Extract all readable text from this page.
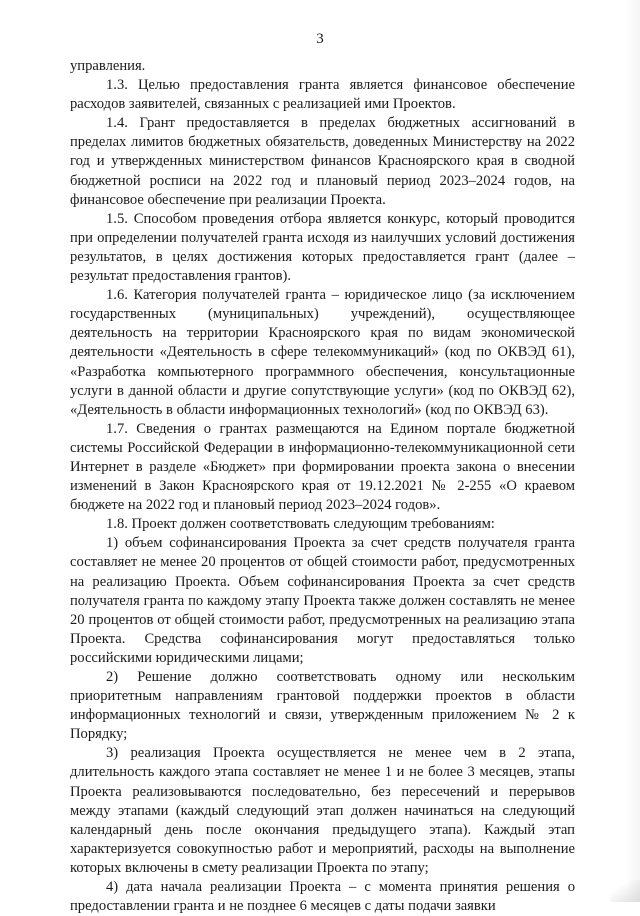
3

управления.

1.3. Целью предоставления гранта является финансовое обеспечение расходов заявителей, связанных с реализацией ими Проектов.

1.4. Грант предоставляется в пределах бюджетных ассигнований в пределах лимитов бюджетных обязательств, доведенных Министерству на 2022 год и утвержденных министерством финансов Красноярского края в сводной бюджетной росписи на 2022 год и плановый период 2023–2024 годов, на финансовое обеспечение при реализации Проекта.

1.5. Способом проведения отбора является конкурс, который проводится при определении получателей гранта исходя из наилучших условий достижения результатов, в целях достижения которых предоставляется грант (далее – результат предоставления грантов).

1.6. Категория получателей гранта – юридическое лицо (за исключением государственных (муниципальных) учреждений), осуществляющее деятельность на территории Красноярского края по видам экономической деятельности «Деятельность в сфере телекоммуникаций» (код по ОКВЭД 61), «Разработка компьютерного программного обеспечения, консультационные услуги в данной области и другие сопутствующие услуги» (код по ОКВЭД 62), «Деятельность в области информационных технологий» (код по ОКВЭД 63).

1.7. Сведения о грантах размещаются на Едином портале бюджетной системы Российской Федерации в информационно-телекоммуникационной сети Интернет в разделе «Бюджет» при формировании проекта закона о внесении изменений в Закон Красноярского края от 19.12.2021 № 2-255 «О краевом бюджете на 2022 год и плановый период 2023–2024 годов».

1.8. Проект должен соответствовать следующим требованиям:

1) объем софинансирования Проекта за счет средств получателя гранта составляет не менее 20 процентов от общей стоимости работ, предусмотренных на реализацию Проекта. Объем софинансирования Проекта за счет средств получателя гранта по каждому этапу Проекта также должен составлять не менее 20 процентов от общей стоимости работ, предусмотренных на реализацию этапа Проекта. Средства софинансирования могут предоставляться только российскими юридическими лицами;

2) Решение должно соответствовать одному или нескольким приоритетным направлениям грантовой поддержки проектов в области информационных технологий и связи, утвержденным приложением № 2 к Порядку;

3) реализация Проекта осуществляется не менее чем в 2 этапа, длительность каждого этапа составляет не менее 1 и не более 3 месяцев, этапы Проекта реализовываются последовательно, без пересечений и перерывов между этапами (каждый следующий этап должен начинаться на следующий календарный день после окончания предыдущего этапа). Каждый этап характеризуется совокупностью работ и мероприятий, расходы на выполнение которых включены в смету реализации Проекта по этапу;

4) дата начала реализации Проекта – с момента принятия решения о предоставлении гранта и не позднее 6 месяцев с даты подачи заявки
